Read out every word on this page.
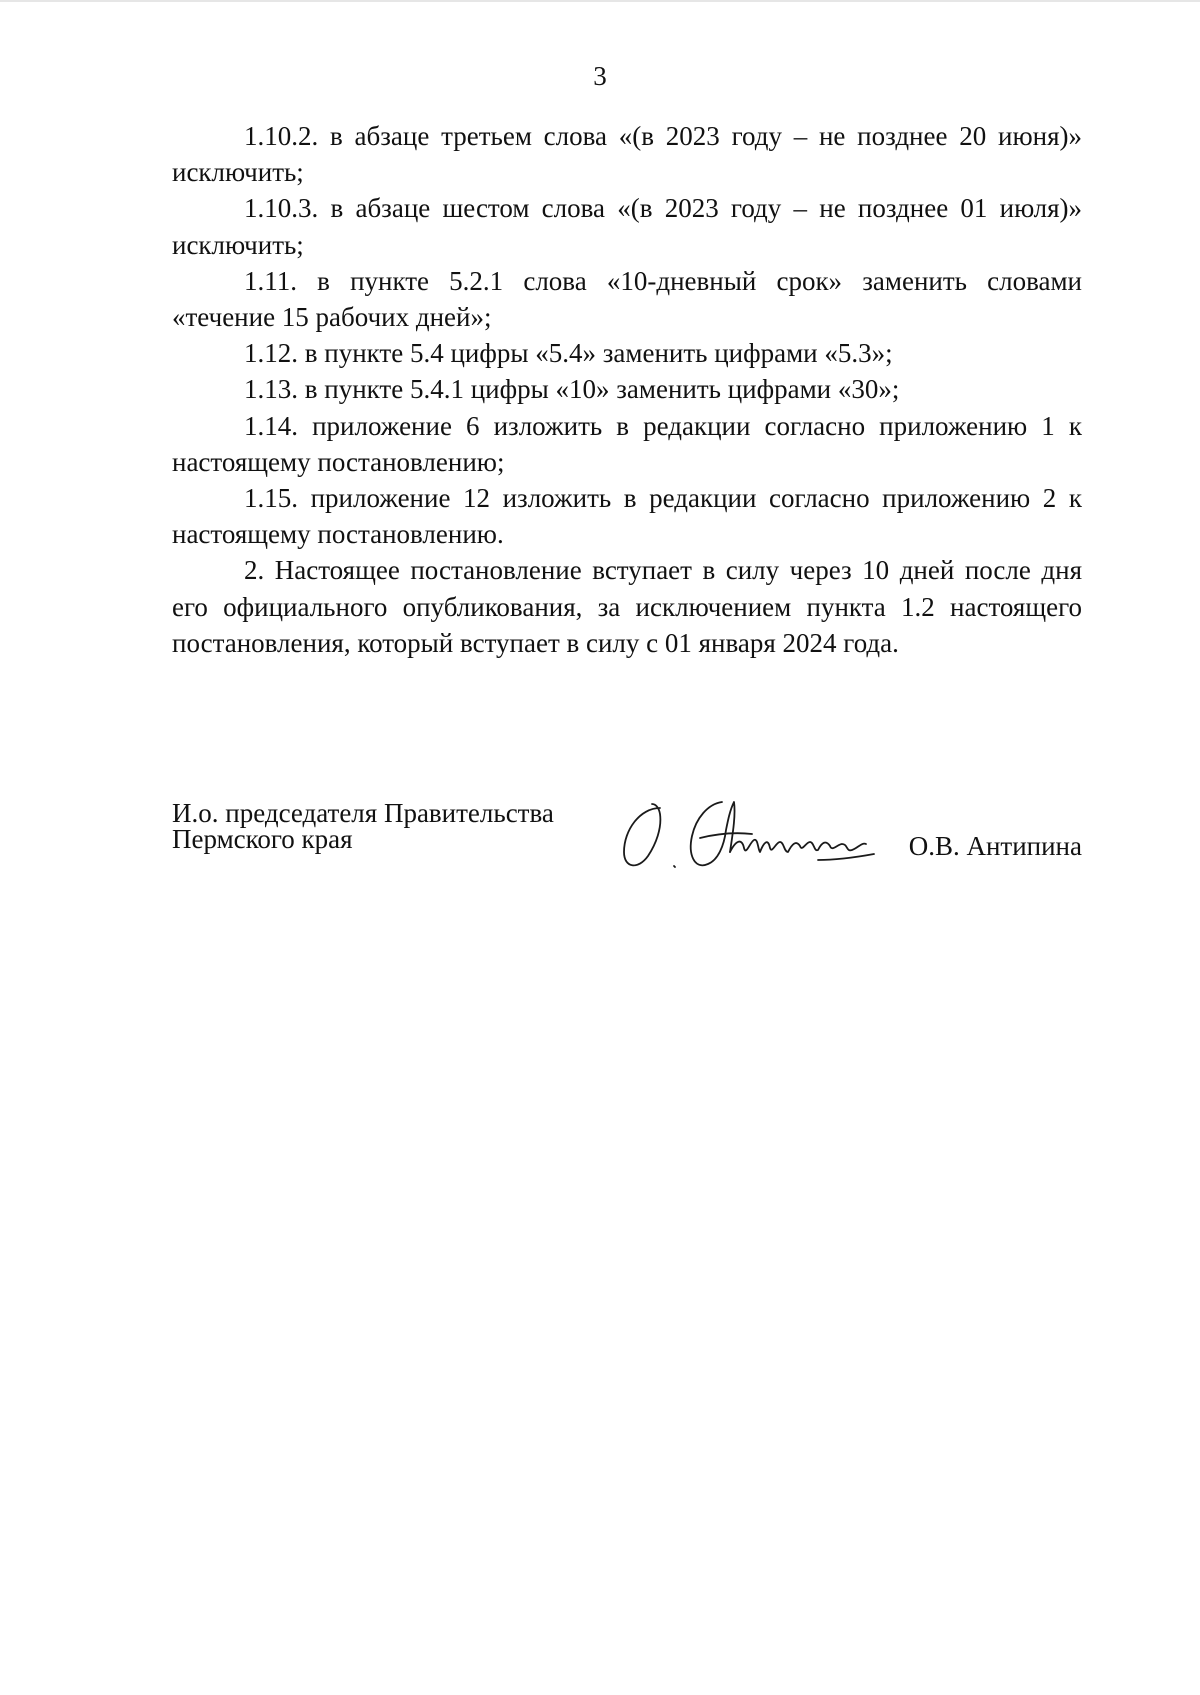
3

1.10.2. в абзаце третьем слова «(в 2023 году – не позднее 20 июня)» исключить;

1.10.3. в абзаце шестом слова «(в 2023 году – не позднее 01 июля)» исключить;

1.11. в пункте 5.2.1 слова «10-дневный срок» заменить словами «течение 15 рабочих дней»;

1.12. в пункте 5.4 цифры «5.4» заменить цифрами «5.3»;

1.13. в пункте 5.4.1 цифры «10» заменить цифрами «30»;

1.14. приложение 6 изложить в редакции согласно приложению 1 к настоящему постановлению;

1.15. приложение 12 изложить в редакции согласно приложению 2 к настоящему постановлению.

2. Настоящее постановление вступает в силу через 10 дней после дня его официального опубликования, за исключением пункта 1.2 настоящего постановления, который вступает в силу с 01 января 2024 года.

И.о. председателя Правительства
Пермского края	О.В. Антипина
